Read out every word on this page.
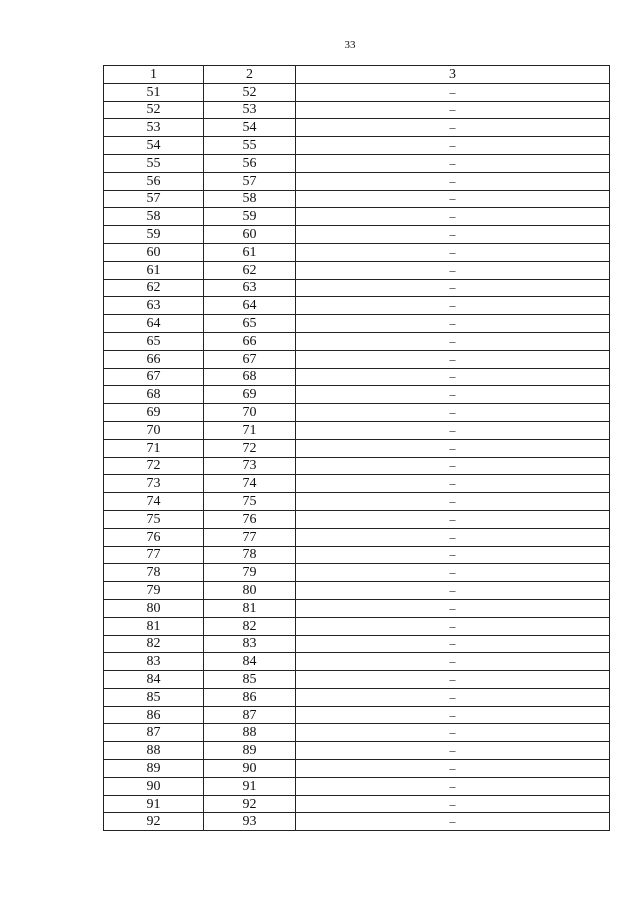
33
1	2	3
51	52	–
52	53	–
53	54	–
54	55	–
55	56	–
56	57	–
57	58	–
58	59	–
59	60	–
60	61	–
61	62	–
62	63	–
63	64	–
64	65	–
65	66	–
66	67	–
67	68	–
68	69	–
69	70	–
70	71	–
71	72	–
72	73	–
73	74	–
74	75	–
75	76	–
76	77	–
77	78	–
78	79	–
79	80	–
80	81	–
81	82	–
82	83	–
83	84	–
84	85	–
85	86	–
86	87	–
87	88	–
88	89	–
89	90	–
90	91	–
91	92	–
92	93	–
